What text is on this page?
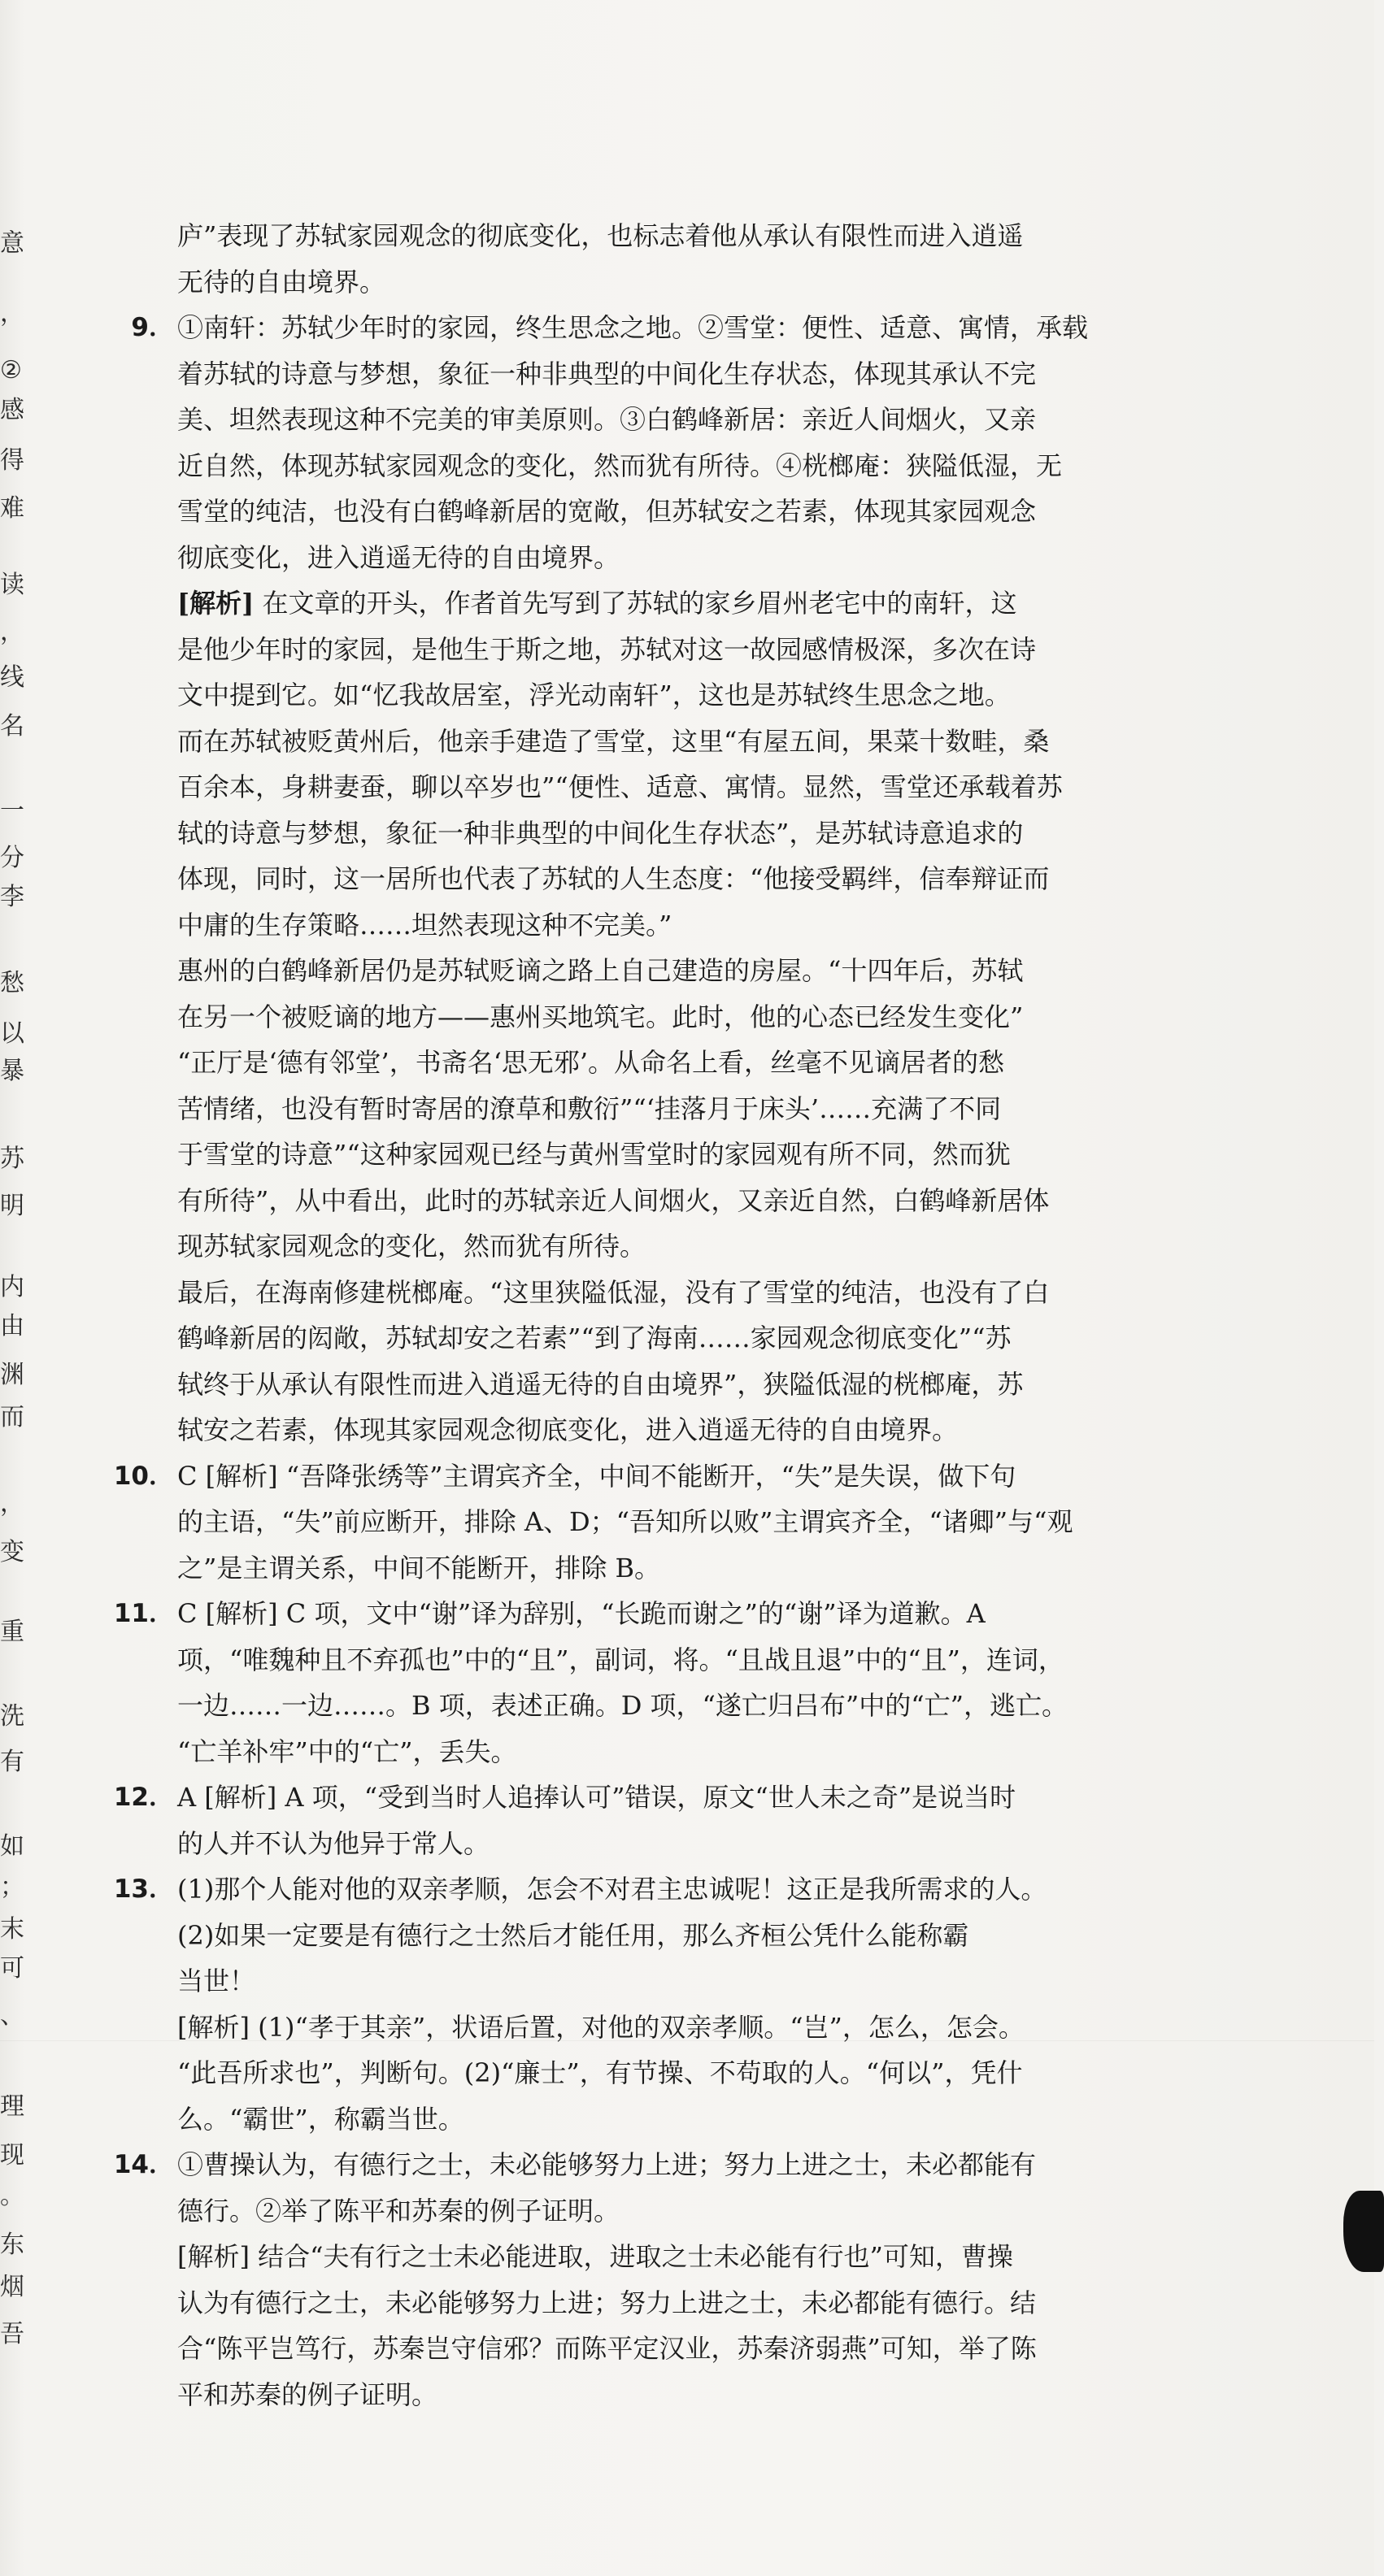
意
，
②
感
得
难
读
，
线
名
一
分
李
愁
以
暴
苏
明
内
由
渊
而
，
变
重
洗
有
如
；
末
可
、
理
现
。
东
烟
吾
庐”表现了苏轼家园观念的彻底变化，也标志着他从承认有限性而进入逍遥
无待的自由境界。
9． ①南轩：苏轼少年时的家园，终生思念之地。②雪堂：便性、适意、寓情，承载
着苏轼的诗意与梦想，象征一种非典型的中间化生存状态，体现其承认不完
美、坦然表现这种不完美的审美原则。③白鹤峰新居：亲近人间烟火，又亲
近自然，体现苏轼家园观念的变化，然而犹有所待。④桄榔庵：狭隘低湿，无
雪堂的纯洁，也没有白鹤峰新居的宽敞，但苏轼安之若素，体现其家园观念
彻底变化，进入逍遥无待的自由境界。
[解析] 在文章的开头，作者首先写到了苏轼的家乡眉州老宅中的南轩，这
是他少年时的家园，是他生于斯之地，苏轼对这一故园感情极深，多次在诗
文中提到它。如“忆我故居室，浮光动南轩”，这也是苏轼终生思念之地。
而在苏轼被贬黄州后，他亲手建造了雪堂，这里“有屋五间，果菜十数畦，桑
百余本，身耕妻蚕，聊以卒岁也”“便性、适意、寓情。显然，雪堂还承载着苏
轼的诗意与梦想，象征一种非典型的中间化生存状态”，是苏轼诗意追求的
体现，同时，这一居所也代表了苏轼的人生态度：“他接受羁绊，信奉辩证而
中庸的生存策略……坦然表现这种不完美。”
惠州的白鹤峰新居仍是苏轼贬谪之路上自己建造的房屋。“十四年后，苏轼
在另一个被贬谪的地方——惠州买地筑宅。此时，他的心态已经发生变化”
“正厅是‘德有邻堂’，书斋名‘思无邪’。从命名上看，丝毫不见谪居者的愁
苦情绪，也没有暂时寄居的潦草和敷衍”“‘挂落月于床头’……充满了不同
于雪堂的诗意”“这种家园观已经与黄州雪堂时的家园观有所不同，然而犹
有所待”，从中看出，此时的苏轼亲近人间烟火，又亲近自然，白鹤峰新居体
现苏轼家园观念的变化，然而犹有所待。
最后，在海南修建桄榔庵。“这里狭隘低湿，没有了雪堂的纯洁，也没有了白
鹤峰新居的闳敞，苏轼却安之若素”“到了海南……家园观念彻底变化”“苏
轼终于从承认有限性而进入逍遥无待的自由境界”，狭隘低湿的桄榔庵，苏
轼安之若素，体现其家园观念彻底变化，进入逍遥无待的自由境界。
10． C [解析] “吾降张绣等”主谓宾齐全，中间不能断开，“失”是失误，做下句
的主语，“失”前应断开，排除 A、D；“吾知所以败”主谓宾齐全，“诸卿”与“观
之”是主谓关系，中间不能断开，排除 B。
11． C [解析] C 项，文中“谢”译为辞别，“长跪而谢之”的“谢”译为道歉。A
项，“唯魏种且不弃孤也”中的“且”，副词，将。“且战且退”中的“且”，连词，
一边……一边……。B 项，表述正确。D 项，“遂亡归吕布”中的“亡”，逃亡。
“亡羊补牢”中的“亡”，丢失。
12． A [解析] A 项，“受到当时人追捧认可”错误，原文“世人未之奇”是说当时
的人并不认为他异于常人。
13． (1)那个人能对他的双亲孝顺，怎会不对君主忠诚呢！这正是我所需求的人。
(2)如果一定要是有德行之士然后才能任用，那么齐桓公凭什么能称霸
当世！
[解析] (1)“孝于其亲”，状语后置，对他的双亲孝顺。“岂”，怎么，怎会。
“此吾所求也”，判断句。(2)“廉士”，有节操、不苟取的人。“何以”，凭什
么。“霸世”，称霸当世。
14． ①曹操认为，有德行之士，未必能够努力上进；努力上进之士，未必都能有
德行。②举了陈平和苏秦的例子证明。
[解析] 结合“夫有行之士未必能进取，进取之士未必能有行也”可知，曹操
认为有德行之士，未必能够努力上进；努力上进之士，未必都能有德行。结
合“陈平岂笃行，苏秦岂守信邪？而陈平定汉业，苏秦济弱燕”可知，举了陈
平和苏秦的例子证明。
